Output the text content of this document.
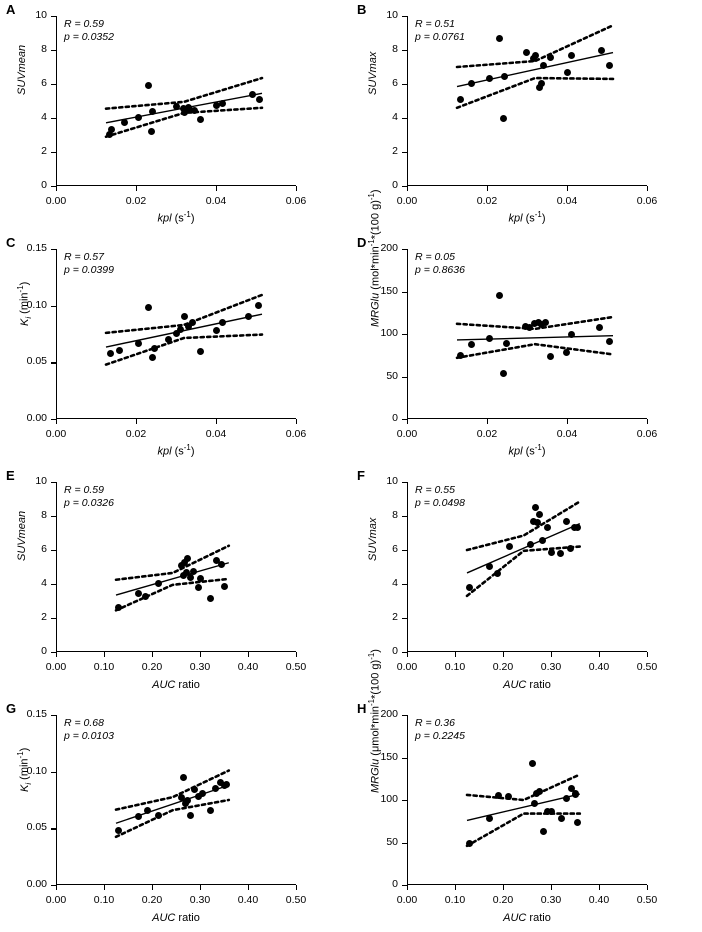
A
0.00	0.02	0.04	0.06
0
2
4
6
8
10
R = 0.59
p = 0.0352
kpl $(s^{-1})$
SUVmean
B
0.00	0.02	0.04	0.06
0
2
4
6
8
10
R = 0.51
p = 0.0761
kpl $(s^{-1})$
SUVmax
C
0.00	0.02	0.04	0.06
0.00
0.05
0.10
0.15
R = 0.57
p = 0.0399
kpl $(s^{-1})$
$K_i$ $(\min^{-1})$
D
0.00	0.02	0.04	0.06
0
50
100
150
200
R = 0.05
p = 0.8636
kpl $(s^{-1})$
MRGlu ($mol*\min^{-1}*(100$ g)$^{-1}$)
E
0.00	0.10	0.20	0.30	0.40	0.50
0
2
4
6
8
10
R = 0.59
p = 0.0326
AUC ratio
SUVmean
F
0.00	0.10	0.20	0.30	0.40	0.50
0
2
4
6
8
10
R = 0.55
p = 0.0498
AUC ratio
SUVmax
G
0.00	0.10	0.20	0.30	0.40	0.50
0.00
0.05
0.10
0.15
R = 0.68
p = 0.0103
AUC ratio
$K_i$ $(\min^{-1})$
H
0.00	0.10	0.20	0.30	0.40	0.50
0
50
100
150
200
R = 0.36
p = 0.2245
AUC ratio
MRGlu ($\mu mol*\min^{-1}*(100$ g)$^{-1}$)
